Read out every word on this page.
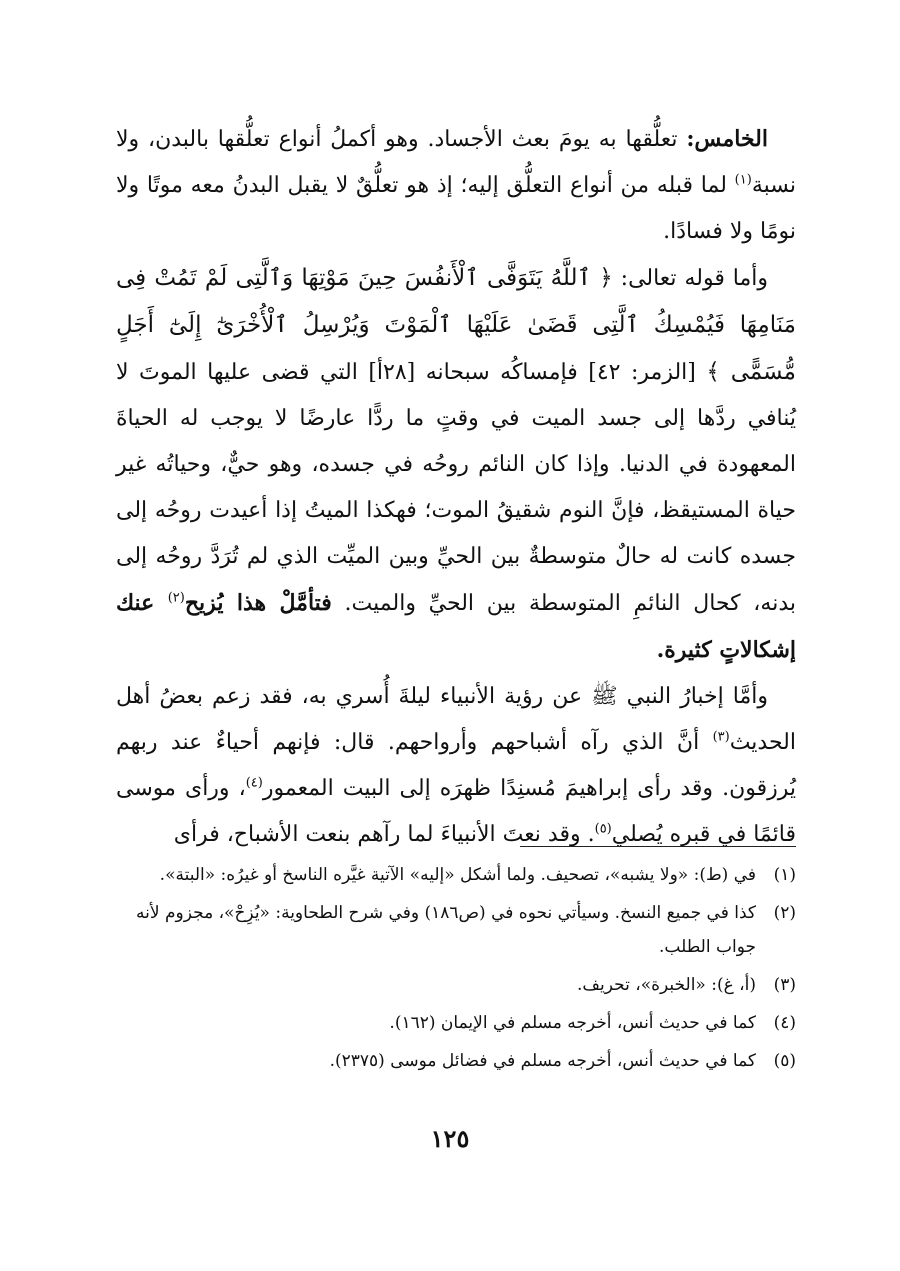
الخامس: تعلُّقها به يومَ بعث الأجساد. وهو أكملُ أنواع تعلُّقها بالبدن، ولا نسبة$^{(١)}$ لما قبله من أنواع التعلُّق إليه؛ إذ هو تعلُّقٌ لا يقبل البدنُ معه موتًا ولا نومًا ولا فسادًا.

وأما قوله تعالى: ﴿ ٱللَّهُ يَتَوَفَّى ٱلْأَنفُسَ حِينَ مَوْتِهَا وَٱلَّتِى لَمْ تَمُتْ فِى مَنَامِهَا فَيُمْسِكُ ٱلَّتِى قَضَىٰ عَلَيْهَا ٱلْمَوْتَ وَيُرْسِلُ ٱلْأُخْرَىٰٓ إِلَىٰٓ أَجَلٍ مُّسَمًّى ﴾ [الزمر: ٤٢] فإمساكُه سبحانه [٢٨أ] التي قضى عليها الموتَ لا يُنافي ردَّها إلى جسد الميت في وقتٍ ما ردًّا عارضًا لا يوجب له الحياةَ المعهودة في الدنيا. وإذا كان النائم روحُه في جسده، وهو حيٌّ، وحياتُه غير حياة المستيقظ، فإنَّ النوم شقيقُ الموت؛ فهكذا الميتُ إذا أعيدت روحُه إلى جسده كانت له حالٌ متوسطةٌ بين الحيِّ وبين الميِّت الذي لم تُرَدَّ روحُه إلى بدنه، كحال النائمِ المتوسطة بين الحيِّ والميت. فتأمَّلْ هذا يُزيح$^{(٢)}$ عنك إشكالاتٍ كثيرة.

وأمَّا إخبارُ النبي ﷺ عن رؤية الأنبياء ليلةَ أُسري به، فقد زعم بعضُ أهل الحديث$^{(٣)}$ أنَّ الذي رآه أشباحهم وأرواحهم. قال: فإنهم أحياءٌ عند ربهم يُرزقون. وقد رأى إبراهيمَ مُسنِدًا ظهرَه إلى البيت المعمور$^{(٤)}$، ورأى موسى قائمًا في قبره يُصلي$^{(٥)}$. وقد نعتَ الأنبياءَ لما رآهم بنعت الأشباح، فرأى

(١)في (ط): «ولا يشبه»، تصحيف. ولما أشكل «إليه» الآتية غيَّره الناسخ أو غيرُه: «البتة».

(٢)كذا في جميع النسخ. وسيأتي نحوه في (ص١٨٦) وفي شرح الطحاوية: «يُزِحْ»، مجزوم لأنه جواب الطلب.

(٣)(أ، غ): «الخبرة»، تحريف.

(٤)كما في حديث أنس، أخرجه مسلم في الإيمان (١٦٢).

(٥)كما في حديث أنس، أخرجه مسلم في فضائل موسى (٢٣٧٥).

١٢٥
